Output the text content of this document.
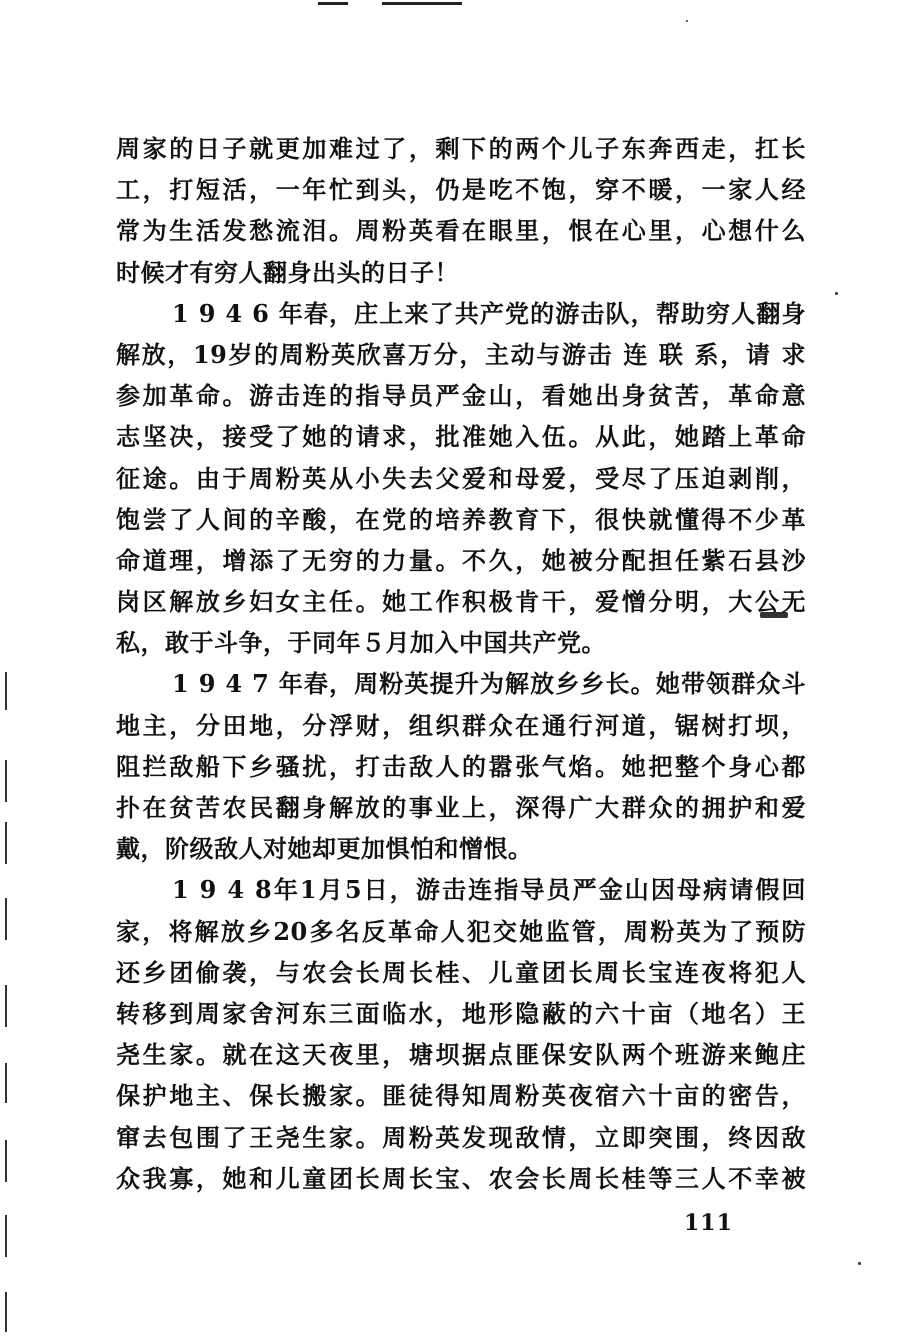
周家的日子就更加难过了，剩下的两个儿子东奔西走，扛长
工，打短活，一年忙到头，仍是吃不饱，穿不暖，一家人经
常为生活发愁流泪。周粉英看在眼里，恨在心里，心想什么
时候才有穷人翻身出头的日子！
1 9 4 6 年春，庄上来了共产党的游击队，帮助穷人翻身
解放，19岁的周粉英欣喜万分，主动与游击 连 联 系，请 求
参加革命。游击连的指导员严金山，看她出身贫苦，革命意
志坚决，接受了她的请求，批准她入伍。从此，她踏上革命
征途。由于周粉英从小失去父爱和母爱，受尽了压迫剥削，
饱尝了人间的辛酸，在党的培养教育下，很快就懂得不少革
命道理，增添了无穷的力量。不久，她被分配担任紫石县沙
岗区解放乡妇女主任。她工作积极肯干，爱憎分明，大公无
私，敢于斗争，于同年５月加入中国共产党。
1 9 4 7 年春，周粉英提升为解放乡乡长。她带领群众斗
地主，分田地，分浮财，组织群众在通行河道，锯树打坝，
阻拦敌船下乡骚扰，打击敌人的嚣张气焰。她把整个身心都
扑在贫苦农民翻身解放的事业上，深得广大群众的拥护和爱
戴，阶级敌人对她却更加惧怕和憎恨。
1 9 4 8年1月5日，游击连指导员严金山因母病请假回
家，将解放乡20多名反革命人犯交她监管，周粉英为了预防
还乡团偷袭，与农会长周长桂、儿童团长周长宝连夜将犯人
转移到周家舍河东三面临水，地形隐蔽的六十亩（地名）王
尧生家。就在这天夜里，塘坝据点匪保安队两个班游来鲍庄
保护地主、保长搬家。匪徒得知周粉英夜宿六十亩的密告，
窜去包围了王尧生家。周粉英发现敌情，立即突围，终因敌
众我寡，她和儿童团长周长宝、农会长周长桂等三人不幸被
111
